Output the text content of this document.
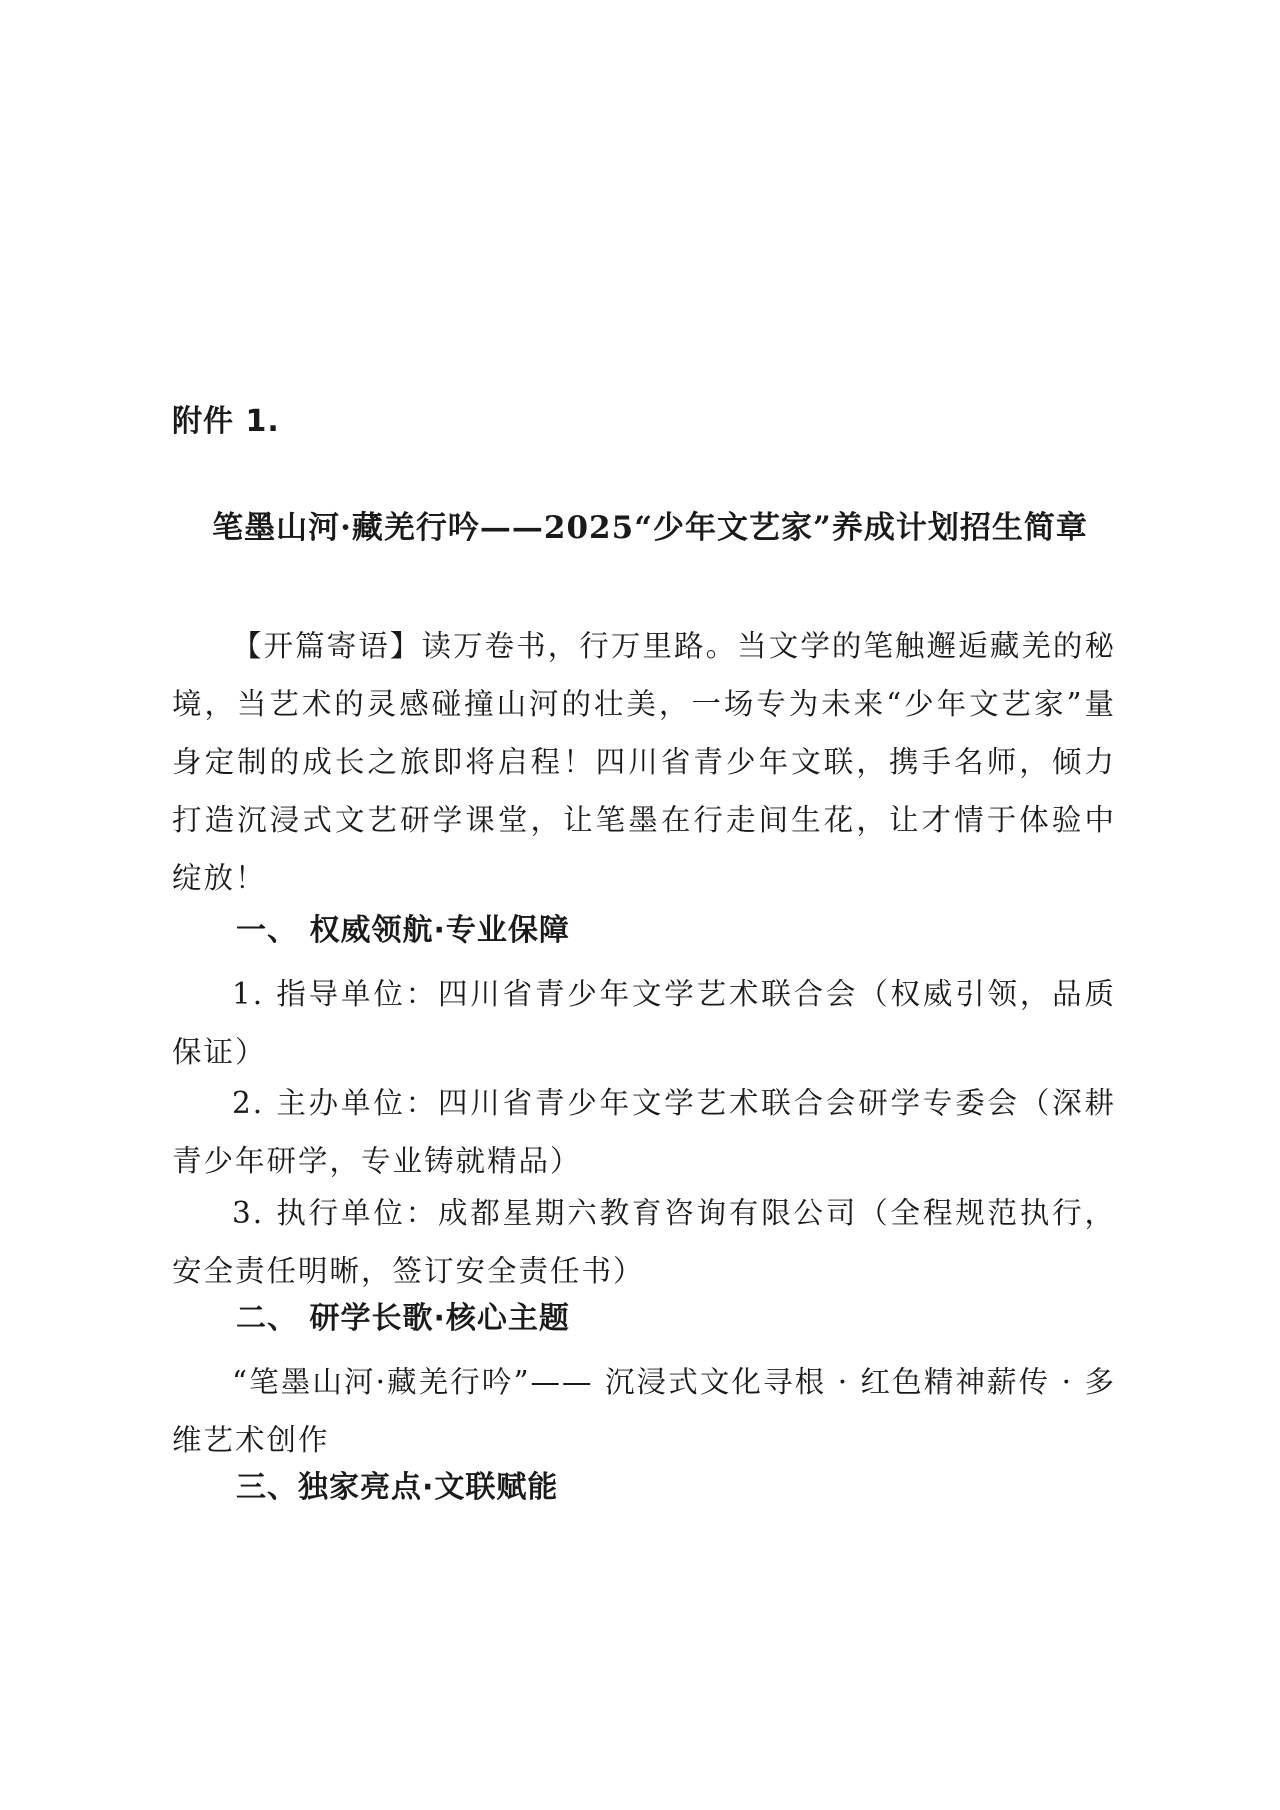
附件 1.
笔墨山河·藏羌行吟——2025“少年文艺家”养成计划招生简章

【开篇寄语】读万卷书，行万里路。当文学的笔触邂逅藏羌的秘境，当艺术的灵感碰撞山河的壮美，一场专为未来“少年文艺家”量身定制的成长之旅即将启程！四川省青少年文联，携手名师，倾力打造沉浸式文艺研学课堂，让笔墨在行走间生花，让才情于体验中绽放！

一、 权威领航·专业保障

1. 指导单位：四川省青少年文学艺术联合会（权威引领，品质保证）

2. 主办单位：四川省青少年文学艺术联合会研学专委会（深耕青少年研学，专业铸就精品）

3. 执行单位：成都星期六教育咨询有限公司（全程规范执行，安全责任明晰，签订安全责任书）

二、 研学长歌·核心主题

“笔墨山河·藏羌行吟”—— 沉浸式文化寻根 · 红色精神薪传 · 多维艺术创作

三、独家亮点·文联赋能
